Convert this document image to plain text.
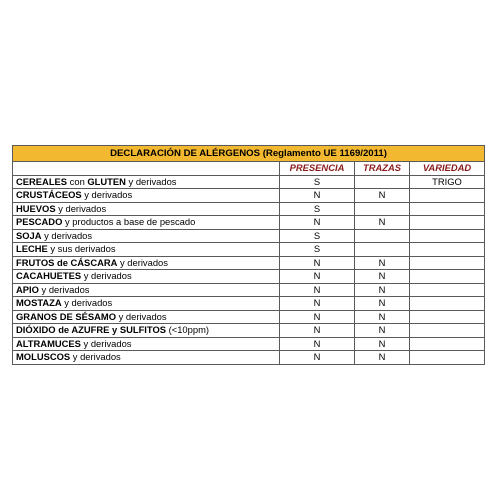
DECLARACIÓN DE ALÉRGENOS (Reglamento UE 1169/2011)			
	PRESENCIA	TRAZAS	VARIEDAD
CEREALES con GLUTEN y derivados	S		TRIGO
CRUSTÁCEOS y derivados	N	N	
HUEVOS y derivados	S		
PESCADO y productos a base de pescado	N	N	
SOJA y derivados	S		
LECHE y sus derivados	S		
FRUTOS de CÁSCARA y derivados	N	N	
CACAHUETES y derivados	N	N	
APIO y derivados	N	N	
MOSTAZA y derivados	N	N	
GRANOS DE SÉSAMO y derivados	N	N	
DIÓXIDO de AZUFRE y SULFITOS (<10ppm)	N	N	
ALTRAMUCES y derivados	N	N	
MOLUSCOS y derivados	N	N	
